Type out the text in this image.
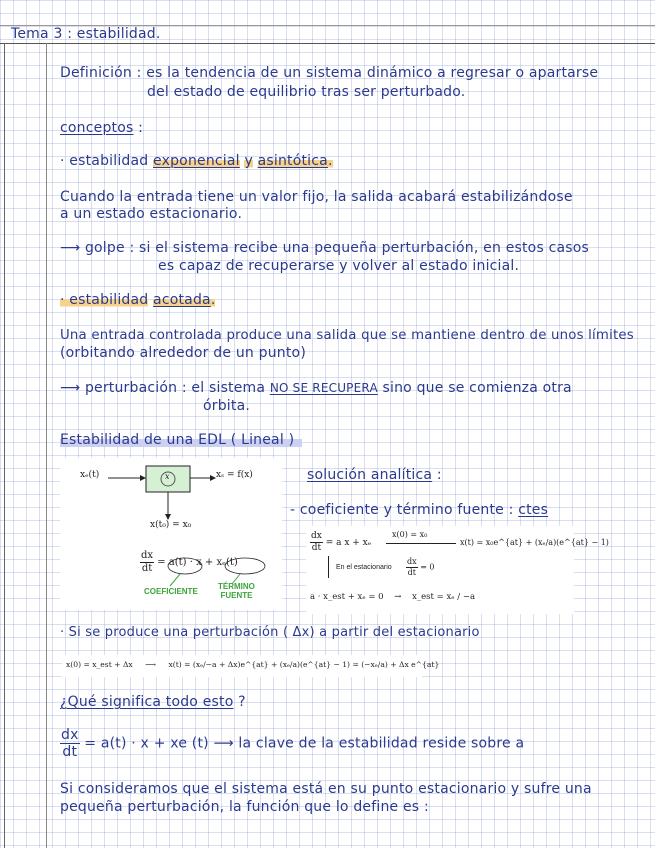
Tema 3 : estabilidad.
Definición : es la tendencia de un sistema dinámico a regresar o apartarse
del estado de equilibrio tras ser perturbado.
conceptos :
· estabilidad exponencial y asintótica.
Cuando la entrada tiene un valor fijo, la salida acabará estabilizándose
a un estado estacionario.
⟶ golpe : si el sistema recibe una pequeña perturbación, en estos casos
es capaz de recuperarse y volver al estado inicial.
· estabilidad acotada.
Una entrada controlada produce una salida que se mantiene dentro de unos límites
(orbitando alrededor de un punto)
⟶ perturbación : el sistema NO SE RECUPERA sino que se comienza otra
órbita.
Estabilidad de una EDL ( Lineal )
xₑ(t)	x	xₛ = f(x)
x(t₀) = x₀
$\frac{dx}{dt} = a(t) \cdot x + x_e(t)$
COEFICIENTE
TÉRMINO
FUENTE
solución analítica :
- coeficiente y término fuente : ctes
$\frac{dx}{dt} = a$ x + xₑ
x(0) = x₀
x(t) = x₀e^{at} + (xₑ/a)(e^{at} − 1)
En el estacionario $\frac{dx}{dt} = 0$
a · x_est + xₑ = 0 → x_est = xₑ / −a
· Si se produce una perturbación ( Δx) a partir del estacionario
x(0) = x_est + Δx ⟶ x(t) = (xₑ/−a + Δx)e^{at} + (xₑ/a)(e^{at} − 1) = (−xₑ/a) + Δx e^{at}
¿Qué significa todo esto ?
$\frac{dx}{dt} = a(t) \cdot x$ + xe (t) ⟶ la clave de la estabilidad reside sobre a
Si consideramos que el sistema está en su punto estacionario y sufre una
pequeña perturbación, la función que lo define es :
